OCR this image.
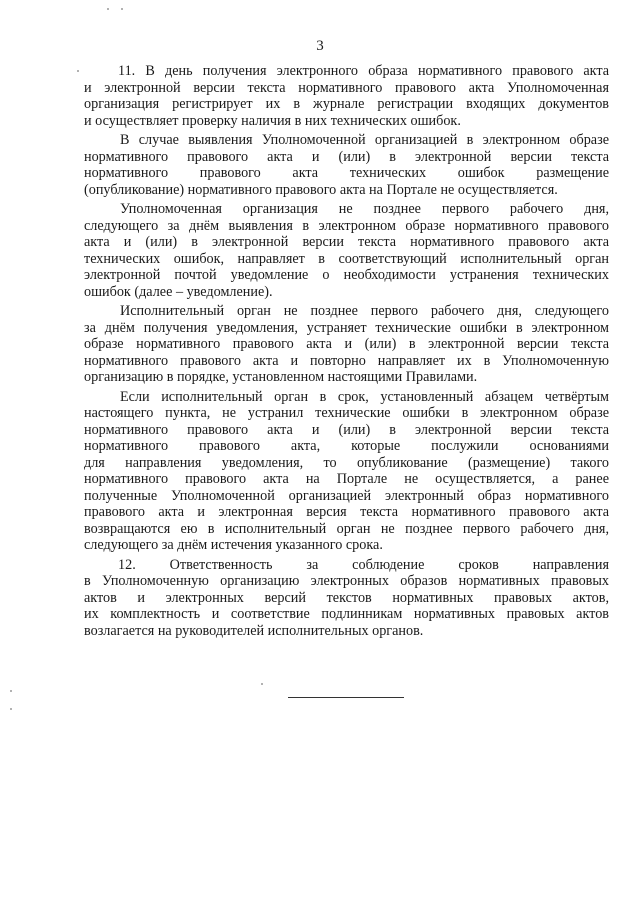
3
11. В день получения электронного образа нормативного правового акта
и электронной версии текста нормативного правового акта Уполномоченная
организация регистрирует их в журнале регистрации входящих документов
и осуществляет проверку наличия в них технических ошибок.
В случае выявления Уполномоченной организацией в электронном образе
нормативного правового акта и (или) в электронной версии текста
нормативного правового акта технических ошибок размещение
(опубликование) нормативного правового акта на Портале не осуществляется.
Уполномоченная организация не позднее первого рабочего дня,
следующего за днём выявления в электронном образе нормативного правового
акта и (или) в электронной версии текста нормативного правового акта
технических ошибок, направляет в соответствующий исполнительный орган
электронной почтой уведомление о необходимости устранения технических
ошибок (далее – уведомление).
Исполнительный орган не позднее первого рабочего дня, следующего
за днём получения уведомления, устраняет технические ошибки в электронном
образе нормативного правового акта и (или) в электронной версии текста
нормативного правового акта и повторно направляет их в Уполномоченную
организацию в порядке, установленном настоящими Правилами.
Если исполнительный орган в срок, установленный абзацем четвёртым
настоящего пункта, не устранил технические ошибки в электронном образе
нормативного правового акта и (или) в электронной версии текста
нормативного правового акта, которые послужили основаниями
для направления уведомления, то опубликование (размещение) такого
нормативного правового акта на Портале не осуществляется, а ранее
полученные Уполномоченной организацией электронный образ нормативного
правового акта и электронная версия текста нормативного правового акта
возвращаются ею в исполнительный орган не позднее первого рабочего дня,
следующего за днём истечения указанного срока.
12. Ответственность за соблюдение сроков направления
в Уполномоченную организацию электронных образов нормативных правовых
актов и электронных версий текстов нормативных правовых актов,
их комплектность и соответствие подлинникам нормативных правовых актов
возлагается на руководителей исполнительных органов.
